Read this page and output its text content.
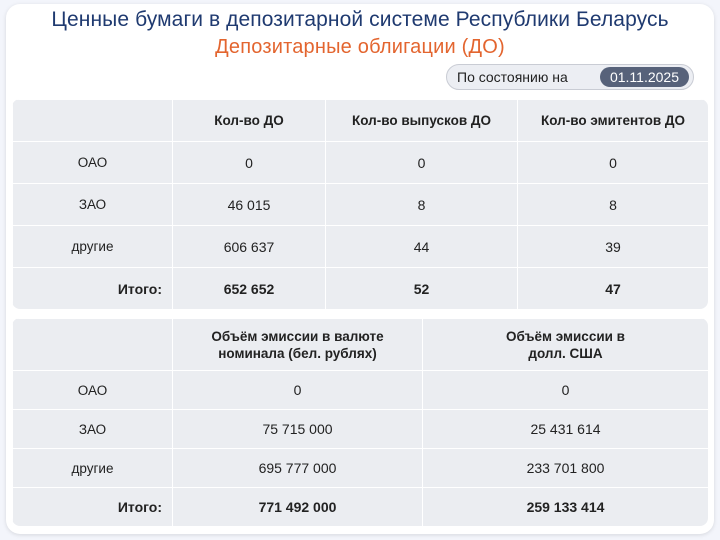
Ценные бумаги в депозитарной системе Республики Беларусь
Депозитарные облигации (ДО)
По состоянию на	01.11.2025
	Кол-во ДО	Кол-во выпусков ДО	Кол-во эмитентов ДО
ОАО	0	0	0
ЗАО	46 015	8	8
другие	606 637	44	39
Итого:	652 652	52	47
	Объём эмиссии в валюте номинала (бел. рублях)	Объём эмиссии в долл. США
ОАО	0	0
ЗАО	75 715 000	25 431 614
другие	695 777 000	233 701 800
Итого:	771 492 000	259 133 414
